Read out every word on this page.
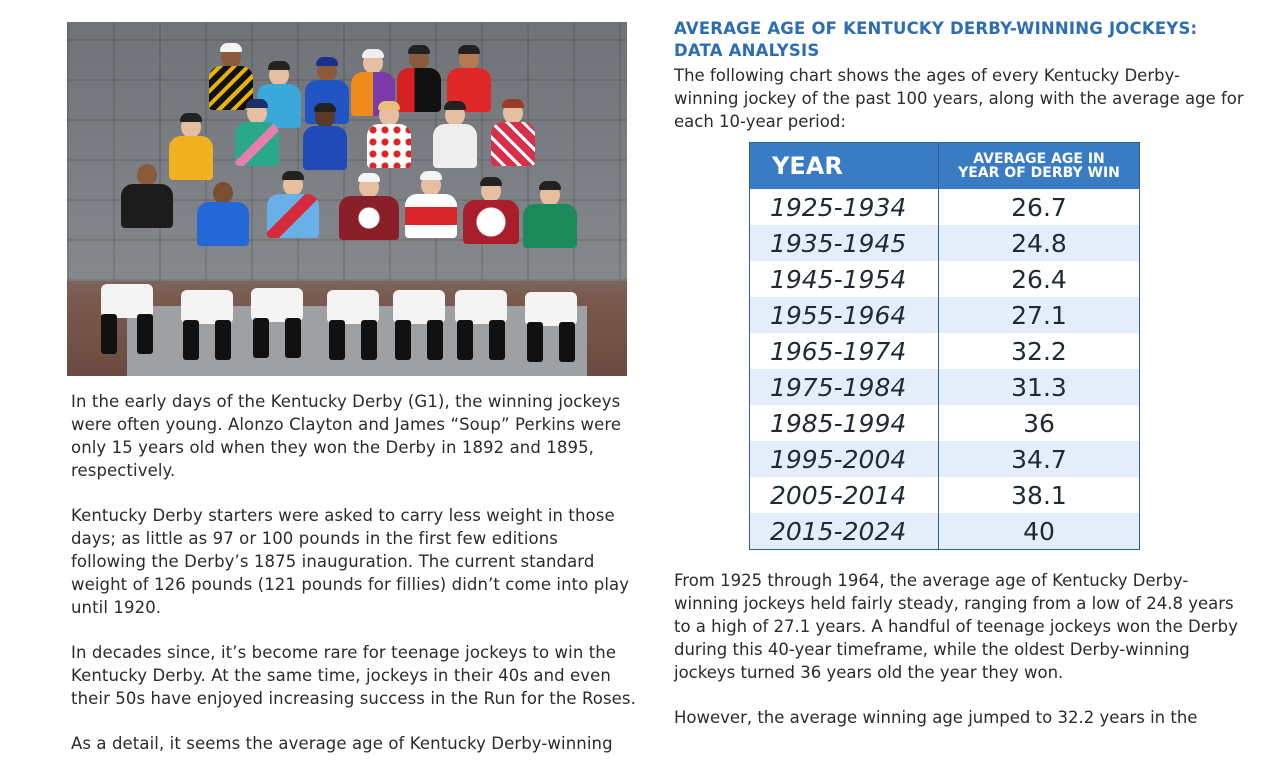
In the early days of the Kentucky Derby (G1), the winning jockeys were often young. Alonzo Clayton and James “Soup” Perkins were only 15 years old when they won the Derby in 1892 and 1895, respectively.

Kentucky Derby starters were asked to carry less weight in those days; as little as 97 or 100 pounds in the first few editions following the Derby’s 1875 inauguration. The current standard weight of 126 pounds (121 pounds for fillies) didn’t come into play until 1920.

In decades since, it’s become rare for teenage jockeys to win the Kentucky Derby. At the same time, jockeys in their 40s and even their 50s have enjoyed increasing success in the Run for the Roses.

As a detail, it seems the average age of Kentucky Derby-winning

AVERAGE AGE OF KENTUCKY DERBY-WINNING JOCKEYS: DATA ANALYSIS

The following chart shows the ages of every Kentucky Derby-winning jockey of the past 100 years, along with the average age for each 10-year period:

YEAR	AVERAGE AGE IN
YEAR OF DERBY WIN
1925-1934	26.7
1935-1945	24.8
1945-1954	26.4
1955-1964	27.1
1965-1974	32.2
1975-1984	31.3
1985-1994	36
1995-2004	34.7
2005-2014	38.1
2015-2024	40

From 1925 through 1964, the average age of Kentucky Derby-winning jockeys held fairly steady, ranging from a low of 24.8 years to a high of 27.1 years. A handful of teenage jockeys won the Derby during this 40-year timeframe, while the oldest Derby-winning jockeys turned 36 years old the year they won.

However, the average winning age jumped to 32.2 years in the
